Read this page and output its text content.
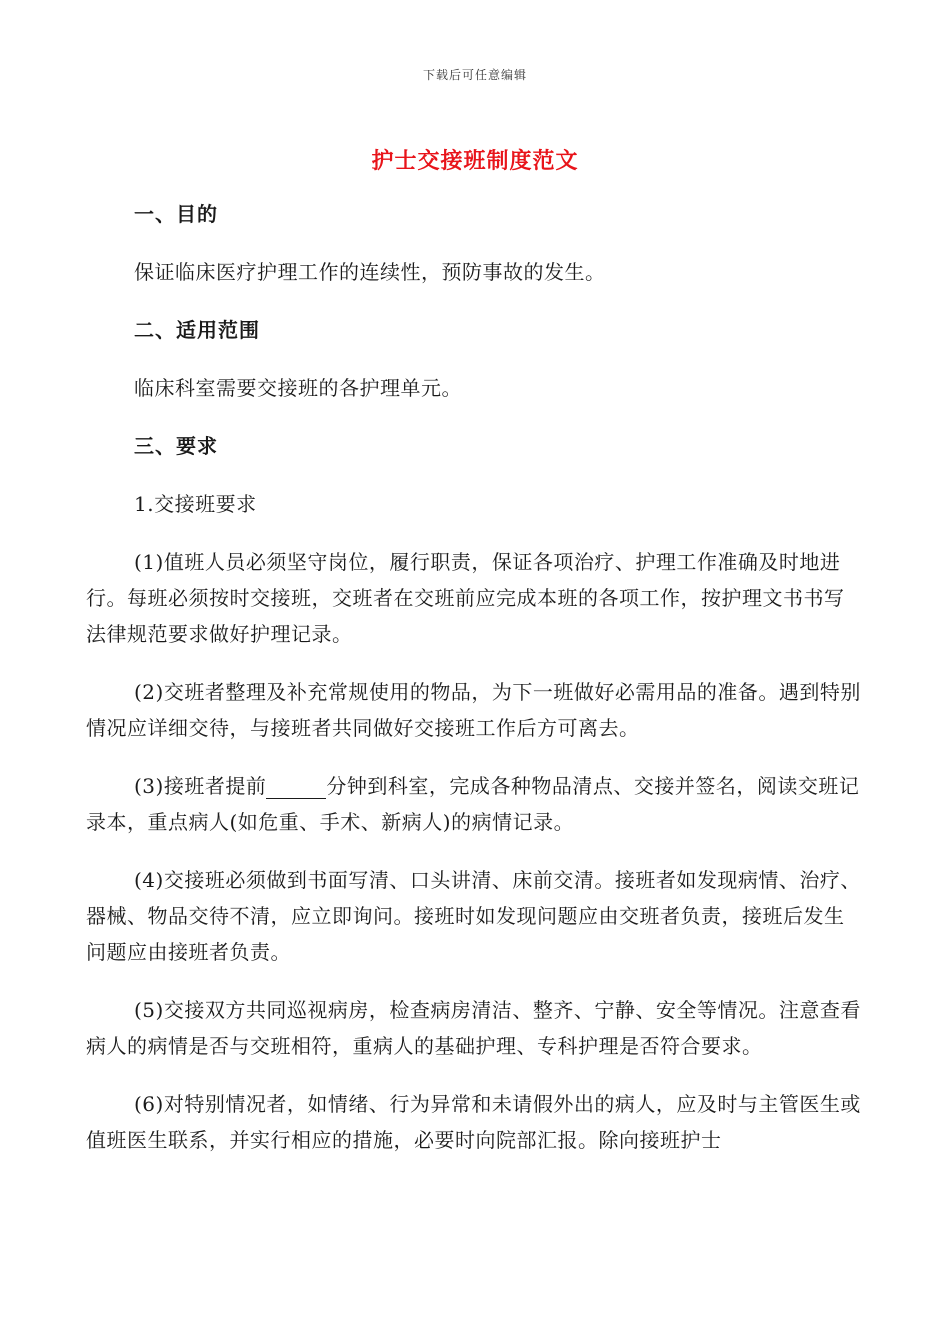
下载后可任意编辑
护士交接班制度范文
一、目的

保证临床医疗护理工作的连续性，预防事故的发生。

二、适用范围

临床科室需要交接班的各护理单元。

三、要求

1.交接班要求

(1)值班人员必须坚守岗位，履行职责，保证各项治疗、护理工作准确及时地进行。每班必须按时交接班，交班者在交班前应完成本班的各项工作，按护理文书书写法律规范要求做好护理记录。

(2)交班者整理及补充常规使用的物品，为下一班做好必需用品的准备。遇到特别情况应详细交待，与接班者共同做好交接班工作后方可离去。

(3)接班者提前	分钟到科室，完成各种物品清点、交接并签名，阅读交班记录本，重点病人(如危重、手术、新病人)的病情记录。

(4)交接班必须做到书面写清、口头讲清、床前交清。接班者如发现病情、治疗、器械、物品交待不清，应立即询问。接班时如发现问题应由交班者负责，接班后发生问题应由接班者负责。

(5)交接双方共同巡视病房，检查病房清洁、整齐、宁静、安全等情况。注意查看病人的病情是否与交班相符，重病人的基础护理、专科护理是否符合要求。

(6)对特别情况者，如情绪、行为异常和未请假外出的病人，应及时与主管医生或值班医生联系，并实行相应的措施，必要时向院部汇报。除向接班护士
